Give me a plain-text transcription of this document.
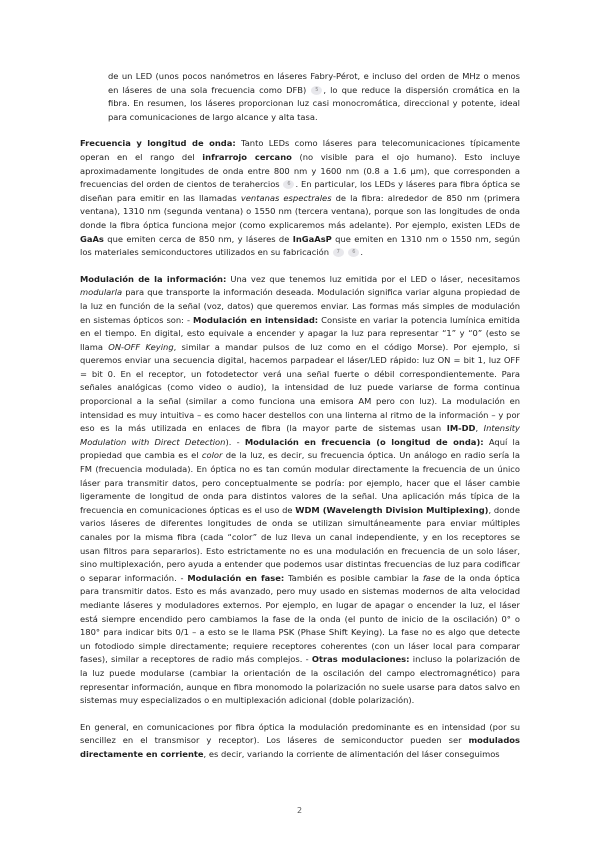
de un LED (unos pocos nanómetros en láseres Fabry-Pérot, e incluso del orden de MHz o menos en láseres de una sola frecuencia como DFB) 5 , lo que reduce la dispersión cromática en la fibra. En resumen, los láseres proporcionan luz casi monocromática, direccional y potente, ideal para comunicaciones de largo alcance y alta tasa.

Frecuencia y longitud de onda: Tanto LEDs como láseres para telecomunicaciones típicamente operan en el rango del infrarrojo cercano (no visible para el ojo humano). Esto incluye aproximadamente longitudes de onda entre 800 nm y 1600 nm (0.8 a 1.6 µm), que corresponden a frecuencias del orden de cientos de terahercios 6 . En particular, los LEDs y láseres para fibra óptica se diseñan para emitir en las llamadas ventanas espectrales de la fibra: alrededor de 850 nm (primera ventana), 1310 nm (segunda ventana) o 1550 nm (tercera ventana), porque son las longitudes de onda donde la fibra óptica funciona mejor (como explicaremos más adelante). Por ejemplo, existen LEDs de GaAs que emiten cerca de 850 nm, y láseres de InGaAsP que emiten en 1310 nm o 1550 nm, según los materiales semiconductores utilizados en su fabricación 7 6 .

Modulación de la información: Una vez que tenemos luz emitida por el LED o láser, necesitamos modularla para que transporte la información deseada. Modulación significa variar alguna propiedad de la luz en función de la señal (voz, datos) que queremos enviar. Las formas más simples de modulación en sistemas ópticos son: - Modulación en intensidad: Consiste en variar la potencia lumínica emitida en el tiempo. En digital, esto equivale a encender y apagar la luz para representar “1” y “0” (esto se llama ON-OFF Keying, similar a mandar pulsos de luz como en el código Morse). Por ejemplo, si queremos enviar una secuencia digital, hacemos parpadear el láser/LED rápido: luz ON = bit 1, luz OFF = bit 0. En el receptor, un fotodetector verá una señal fuerte o débil correspondientemente. Para señales analógicas (como video o audio), la intensidad de luz puede variarse de forma continua proporcional a la señal (similar a como funciona una emisora AM pero con luz). La modulación en intensidad es muy intuitiva – es como hacer destellos con una linterna al ritmo de la información – y por eso es la más utilizada en enlaces de fibra (la mayor parte de sistemas usan IM-DD, Intensity Modulation with Direct Detection). - Modulación en frecuencia (o longitud de onda): Aquí la propiedad que cambia es el color de la luz, es decir, su frecuencia óptica. Un análogo en radio sería la FM (frecuencia modulada). En óptica no es tan común modular directamente la frecuencia de un único láser para transmitir datos, pero conceptualmente se podría: por ejemplo, hacer que el láser cambie ligeramente de longitud de onda para distintos valores de la señal. Una aplicación más típica de la frecuencia en comunicaciones ópticas es el uso de WDM (Wavelength Division Multiplexing), donde varios láseres de diferentes longitudes de onda se utilizan simultáneamente para enviar múltiples canales por la misma fibra (cada “color” de luz lleva un canal independiente, y en los receptores se usan filtros para separarlos). Esto estrictamente no es una modulación en frecuencia de un solo láser, sino multiplexación, pero ayuda a entender que podemos usar distintas frecuencias de luz para codificar o separar información. - Modulación en fase: También es posible cambiar la fase de la onda óptica para transmitir datos. Esto es más avanzado, pero muy usado en sistemas modernos de alta velocidad mediante láseres y moduladores externos. Por ejemplo, en lugar de apagar o encender la luz, el láser está siempre encendido pero cambiamos la fase de la onda (el punto de inicio de la oscilación) 0° o 180° para indicar bits 0/1 – a esto se le llama PSK (Phase Shift Keying). La fase no es algo que detecte un fotodiodo simple directamente; requiere receptores coherentes (con un láser local para comparar fases), similar a receptores de radio más complejos. - Otras modulaciones: incluso la polarización de la luz puede modularse (cambiar la orientación de la oscilación del campo electromagnético) para representar información, aunque en fibra monomodo la polarización no suele usarse para datos salvo en sistemas muy especializados o en multiplexación adicional (doble polarización).

En general, en comunicaciones por fibra óptica la modulación predominante es en intensidad (por su sencillez en el transmisor y receptor). Los láseres de semiconductor pueden ser modulados directamente en corriente, es decir, variando la corriente de alimentación del láser conseguimos

2
